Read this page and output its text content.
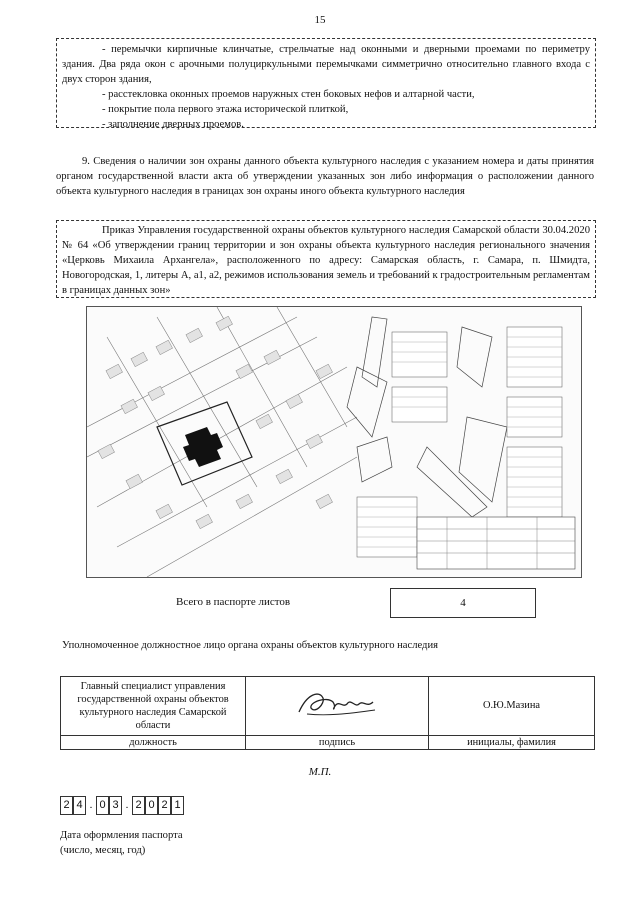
15

- перемычки кирпичные клинчатые, стрельчатые над оконными и дверными проемами по периметру здания. Два ряда окон с арочными полуциркульными перемычками симметрично относительно главного входа с двух сторон здания,

- расстекловка оконных проемов наружных стен боковых нефов и алтарной части,

- покрытие пола первого этажа исторической плиткой,

- заполнение дверных проемов.

9. Сведения о наличии зон охраны данного объекта культурного наследия с указанием номера и даты принятия органом государственной власти акта об утверждении указанных зон либо информация о расположении данного объекта культурного наследия в границах зон охраны иного объекта культурного наследия

Приказ Управления государственной охраны объектов культурного наследия Самарской области 30.04.2020 № 64 «Об утверждении границ территории и зон охраны объекта культурного наследия регионального значения «Церковь Михаила Архангела», расположенного по адресу: Самарская область, г. Самара, п. Шмидта, Новогородская, 1, литеры А, а1, а2, режимов использования земель и требований к градостроительным регламентам в границах данных зон»

Всего в паспорте листов	4
Уполномоченное должностное лицо органа охраны объектов культурного наследия
Главный специалист управления государственной охраны объектов культурного наследия Самарской области		О.Ю.Мазина
должность	подпись	инициалы, фамилия
М.П.
2 4 . 0 3 . 2 0 2 1
Дата оформления паспорта
(число, месяц, год)
